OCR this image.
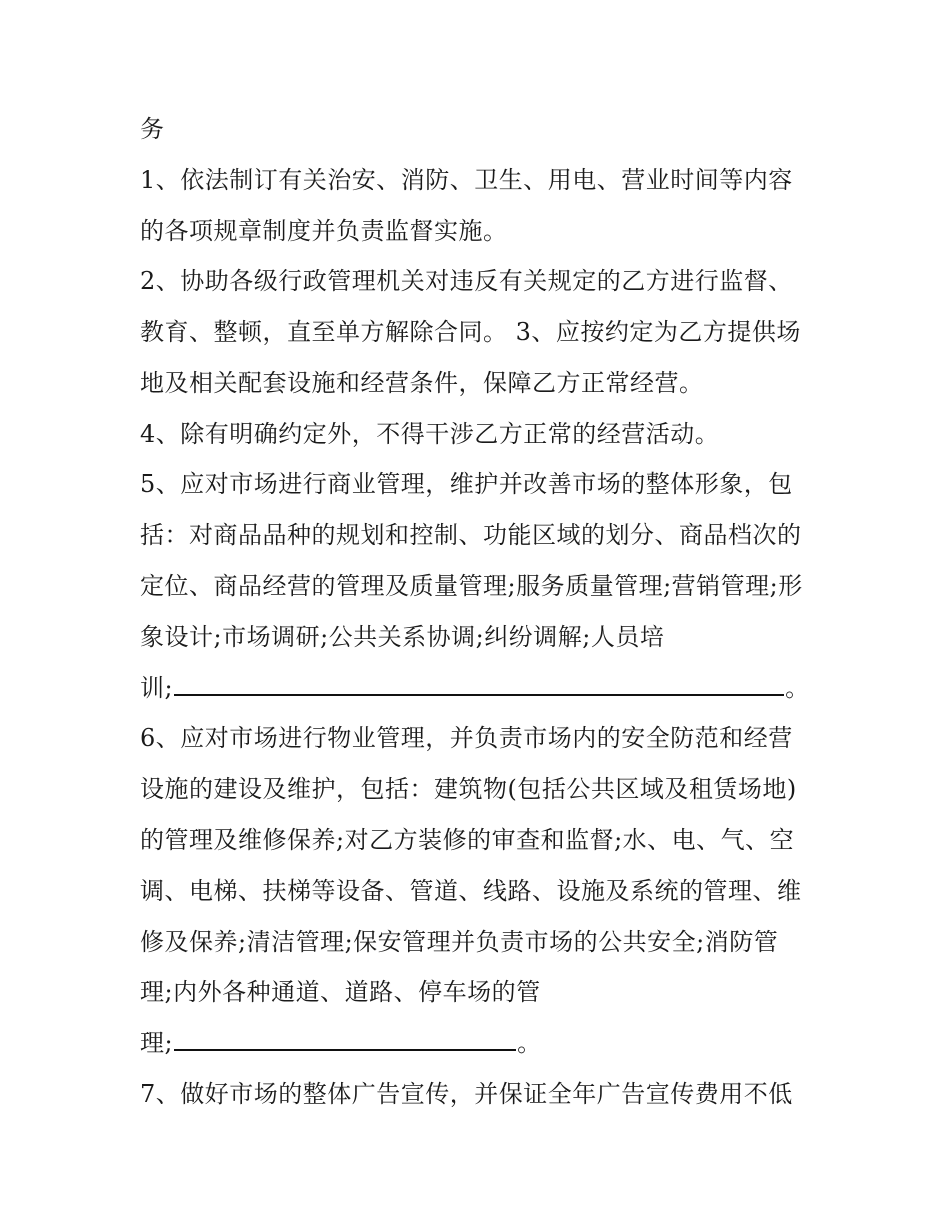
务
1、依法制订有关治安、消防、卫生、用电、营业时间等内容
的各项规章制度并负责监督实施。
2、协助各级行政管理机关对违反有关规定的乙方进行监督、
教育、整顿，直至单方解除合同。 3、应按约定为乙方提供场
地及相关配套设施和经营条件，保障乙方正常经营。
4、除有明确约定外，不得干涉乙方正常的经营活动。
5、应对市场进行商业管理，维护并改善市场的整体形象，包
括：对商品品种的规划和控制、功能区域的划分、商品档次的
定位、商品经营的管理及质量管理;服务质量管理;营销管理;形
象设计;市场调研;公共关系协调;纠纷调解;人员培
训;	。
6、应对市场进行物业管理，并负责市场内的安全防范和经营
设施的建设及维护，包括：建筑物(包括公共区域及租赁场地)
的管理及维修保养;对乙方装修的审查和监督;水、电、气、空
调、电梯、扶梯等设备、管道、线路、设施及系统的管理、维
修及保养;清洁管理;保安管理并负责市场的公共安全;消防管
理;内外各种通道、道路、停车场的管
理;	。
7、做好市场的整体广告宣传，并保证全年广告宣传费用不低
